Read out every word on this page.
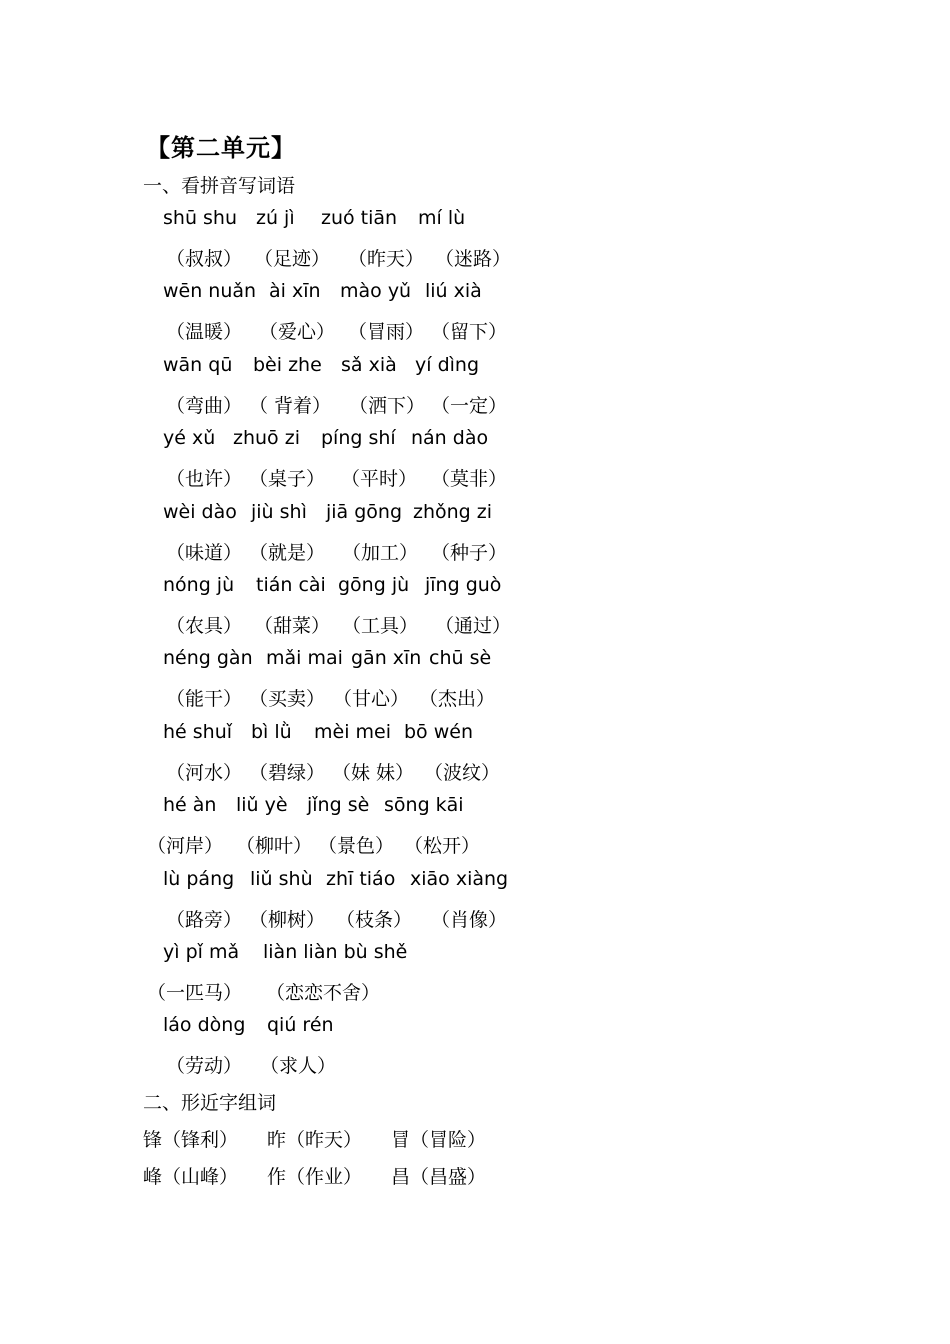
【第二单元】
一、看拼音写词语
shū shu zú jì zuó tiān mí lù
（叔叔） （足迹） （昨天） （迷路）
wēn nuǎn ài xīn mào yǔ liú xià
（温暖） （爱心） （冒雨） （留下）
wān qū bèi zhe sǎ xià yí dìng
（弯曲） （ 背着） （洒下） （一定）
yé xǔ zhuō zi píng shí nán dào
（也许） （桌子） （平时） （莫非）
wèi dào jiù shì jiā gōng zhǒng zi
（味道） （就是） （加工） （种子）
nóng jù tián cài gōng jù jīng guò
（农具） （甜菜） （工具） （通过）
néng gàn mǎi mai gān xīn chū sè
（能干） （买卖） （甘心） （杰出）
hé shuǐ bì lǜ mèi mei bō wén
（河水） （碧绿） （妹 妹） （波纹）
hé àn liǔ yè jǐng sè sōng kāi
（河岸） （柳叶） （景色） （松开）
lù páng liǔ shù zhī tiáo xiāo xiàng
（路旁） （柳树） （枝条） （肖像）
yì pǐ mǎ liàn liàn bù shě
（一匹马） （恋恋不舍）
láo dòng qiú rén
（劳动） （求人）
二、形近字组词
锋（锋利） 昨（昨天） 冒（冒险）
峰（山峰） 作（作业） 昌（昌盛）
